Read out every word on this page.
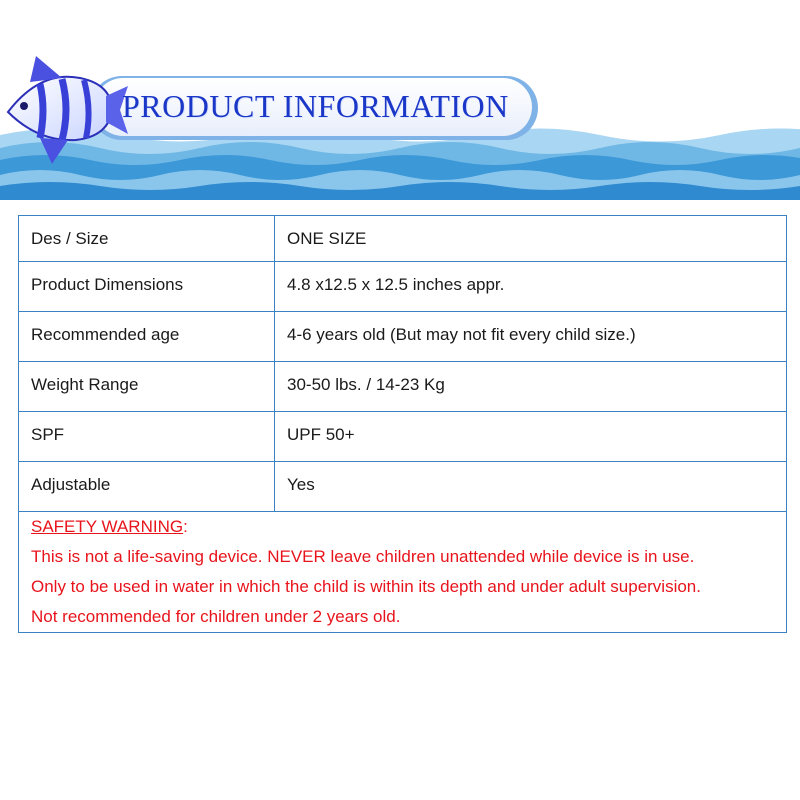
PRODUCT INFORMATION
Des / Size	ONE SIZE
Product Dimensions	4.8 x12.5 x 12.5 inches appr.
Recommended age	4-6 years old (But may not fit every child size.)
Weight Range	30-50 lbs. / 14-23 Kg
SPF	UPF 50+
Adjustable	Yes

SAFETY WARNING:
This is not a life-saving device. NEVER leave children unattended while device is in use.
Only to be used in water in which the child is within its depth and under adult supervision.
Not recommended for children under 2 years old.	
